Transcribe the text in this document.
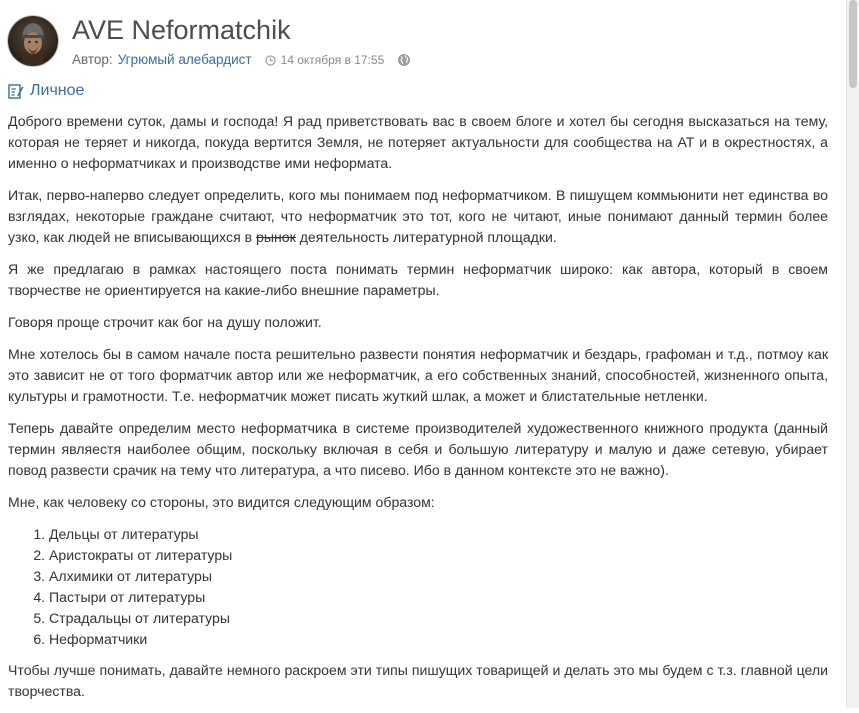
AVE Neformatchik
Автор: Угрюмый алебардист 14 октября в 17:55
Личное

Доброго времени суток, дамы и господа! Я рад приветствовать вас в своем блоге и хотел бы сегодня высказаться на тему, которая не теряет и никогда, покуда вертится Земля, не потеряет актуальности для сообщества на АТ и в окрестностях, а именно о неформатчиках и производстве ими неформата.

Итак, перво-наперво следует определить, кого мы понимаем под неформатчиком. В пишущем коммьюнити нет единства во взглядах, некоторые граждане считают, что неформатчик это тот, кого не читают, иные понимают данный термин более узко, как людей не вписывающихся в рынок деятельность литературной площадки.

Я же предлагаю в рамках настоящего поста понимать термин неформатчик широко: как автора, который в своем творчестве не ориентируется на какие-либо внешние параметры.

Говоря проще строчит как бог на душу положит.

Мне хотелось бы в самом начале поста решительно развести понятия неформатчик и бездарь, графоман и т.д., потмоу как это зависит не от того форматчик автор или же неформатчик, а его собственных знаний, способностей, жизненного опыта, культуры и грамотности. Т.е. неформатчик может писать жуткий шлак, а может и блистательные нетленки.

Теперь давайте определим место неформатчика в системе производителей художественного книжного продукта (данный термин являестя наиболее общим, поскольку включая в себя и большую литературу и малую и даже сетевую, убирает повод развести срачик на тему что литература, а что писево. Ибо в данном контексте это не важно).

Мне, как человеку со стороны, это видится следующим образом:

1. Дельцы от литературы
2. Аристократы от литературы
3. Алхимики от литературы
4. Пастыри от литературы
5. Страдальцы от литературы
6. Неформатчики

Чтобы лучше понимать, давайте немного раскроем эти типы пишущих товарищей и делать это мы будем с т.з. главной цели творчества.
